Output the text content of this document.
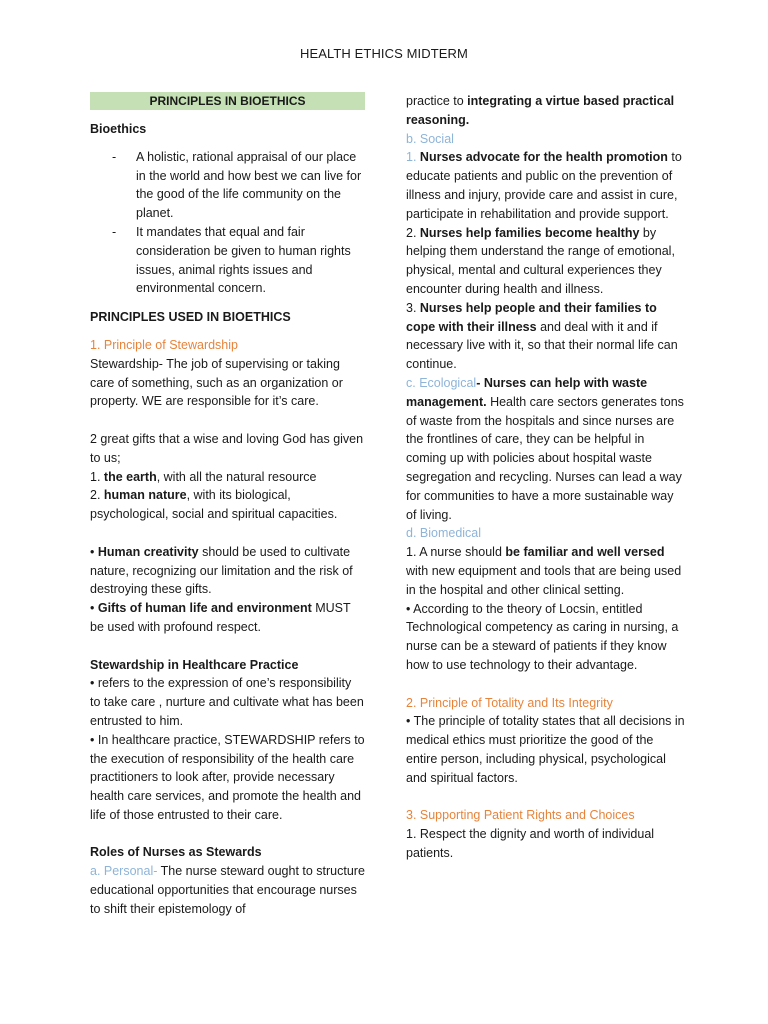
HEALTH ETHICS MIDTERM
PRINCIPLES IN BIOETHICS

Bioethics

-	A holistic, rational appraisal of our place in the world and how best we can live for the good of the life community on the planet.
-	It mandates that equal and fair consideration be given to human rights issues, animal rights issues and environmental concern.

PRINCIPLES USED IN BIOETHICS

1. Principle of Stewardship

Stewardship- The job of supervising or taking care of something, such as an organization or property. WE are responsible for it’s care.

2 great gifts that a wise and loving God has given to us;

1. the earth, with all the natural resource

2. human nature, with its biological, psychological, social and spiritual capacities.

• Human creativity should be used to cultivate nature, recognizing our limitation and the risk of destroying these gifts.

• Gifts of human life and environment MUST be used with profound respect.

Stewardship in Healthcare Practice

• refers to the expression of one’s responsibility to take care , nurture and cultivate what has been entrusted to him.

• In healthcare practice, STEWARDSHIP refers to the execution of responsibility of the health care practitioners to look after, provide necessary health care services, and promote the health and life of those entrusted to their care.

Roles of Nurses as Stewards

a. Personal- The nurse steward ought to structure educational opportunities that encourage nurses to shift their epistemology of

practice to integrating a virtue based practical reasoning.

b. Social

1. Nurses advocate for the health promotion to educate patients and public on the prevention of illness and injury, provide care and assist in cure, participate in rehabilitation and provide support.

2. Nurses help families become healthy by helping them understand the range of emotional, physical, mental and cultural experiences they encounter during health and illness.

3. Nurses help people and their families to cope with their illness and deal with it and if necessary live with it, so that their normal life can continue.

c. Ecological- Nurses can help with waste management. Health care sectors generates tons of waste from the hospitals and since nurses are the frontlines of care, they can be helpful in coming up with policies about hospital waste segregation and recycling. Nurses can lead a way for communities to have a more sustainable way of living.

d. Biomedical

1. A nurse should be familiar and well versed with new equipment and tools that are being used in the hospital and other clinical setting.

• According to the theory of Locsin, entitled Technological competency as caring in nursing, a nurse can be a steward of patients if they know how to use technology to their advantage.

2. Principle of Totality and Its Integrity

• The principle of totality states that all decisions in medical ethics must prioritize the good of the entire person, including physical, psychological and spiritual factors.

3. Supporting Patient Rights and Choices

1. Respect the dignity and worth of individual patients.
